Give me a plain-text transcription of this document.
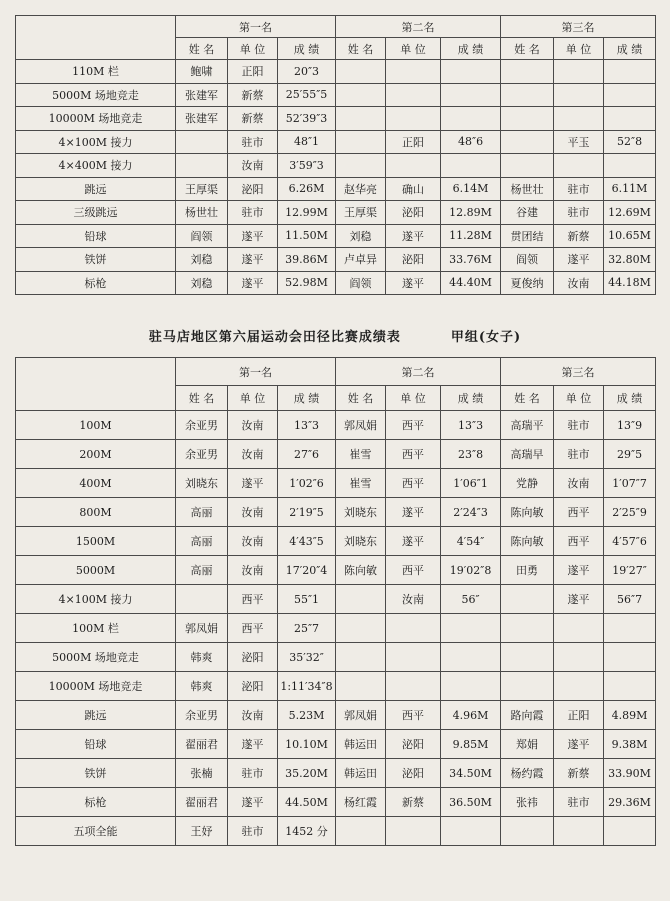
	第一名			第二名			第三名		
	姓 名	单 位	成 绩	姓 名	单 位	成 绩	姓 名	单 位	成 绩
110M 栏	鲍啸	正阳	20″3						
5000M 场地竞走	张建军	新蔡	25′55″5						
10000M 场地竞走	张建军	新蔡	52′39″3						
4×100M 接力		驻市	48″1		正阳	48″6		平玉	52″8
4×400M 接力		汝南	3′59″3						
跳远	王厚渠	泌阳	6.26M	赵华亮	确山	6.14M	杨世壮	驻市	6.11M
三级跳远	杨世壮	驻市	12.99M	王厚渠	泌阳	12.89M	谷建	驻市	12.69M
铅球	阎领	遂平	11.50M	刘稳	遂平	11.28M	贯团结	新蔡	10.65M
铁饼	刘稳	遂平	39.86M	卢卓异	泌阳	33.76M	阎领	遂平	32.80M
标枪	刘稳	遂平	52.98M	阎领	遂平	44.40M	夏俊纳	汝南	44.18M
驻马店地区第六届运动会田径比赛成绩表	甲组(女子)
	第一名			第二名			第三名		
	姓 名	单 位	成 绩	姓 名	单 位	成 绩	姓 名	单 位	成 绩
100M	余亚男	汝南	13″3	郭凤娟	西平	13″3	高瑞平	驻市	13″9
200M	余亚男	汝南	27″6	崔雪	西平	23″8	高瑞早	驻市	29″5
400M	刘晓东	遂平	1′02″6	崔雪	西平	1′06″1	党静	汝南	1′07″7
800M	高丽	汝南	2′19″5	刘晓东	遂平	2′24″3	陈向敏	西平	2′25″9
1500M	高丽	汝南	4′43″5	刘晓东	遂平	4′54″	陈向敏	西平	4′57″6
5000M	高丽	汝南	17′20″4	陈向敏	西平	19′02″8	田勇	遂平	19′27″
4×100M 接力		西平	55″1		汝南	56″		遂平	56″7
100M 栏	郭凤娟	西平	25″7						
5000M 场地竞走	韩爽	泌阳	35′32″						
10000M 场地竞走	韩爽	泌阳	1:11′34″8						
跳远	余亚男	汝南	5.23M	郭凤娟	西平	4.96M	路向霞	正阳	4.89M
铅球	翟丽君	遂平	10.10M	韩运田	泌阳	9.85M	郑娟	遂平	9.38M
铁饼	张楠	驻市	35.20M	韩运田	泌阳	34.50M	杨约霞	新蔡	33.90M
标枪	翟丽君	遂平	44.50M	杨红霞	新蔡	36.50M	张祎	驻市	29.36M
五项全能	王妤	驻市	1452 分						
